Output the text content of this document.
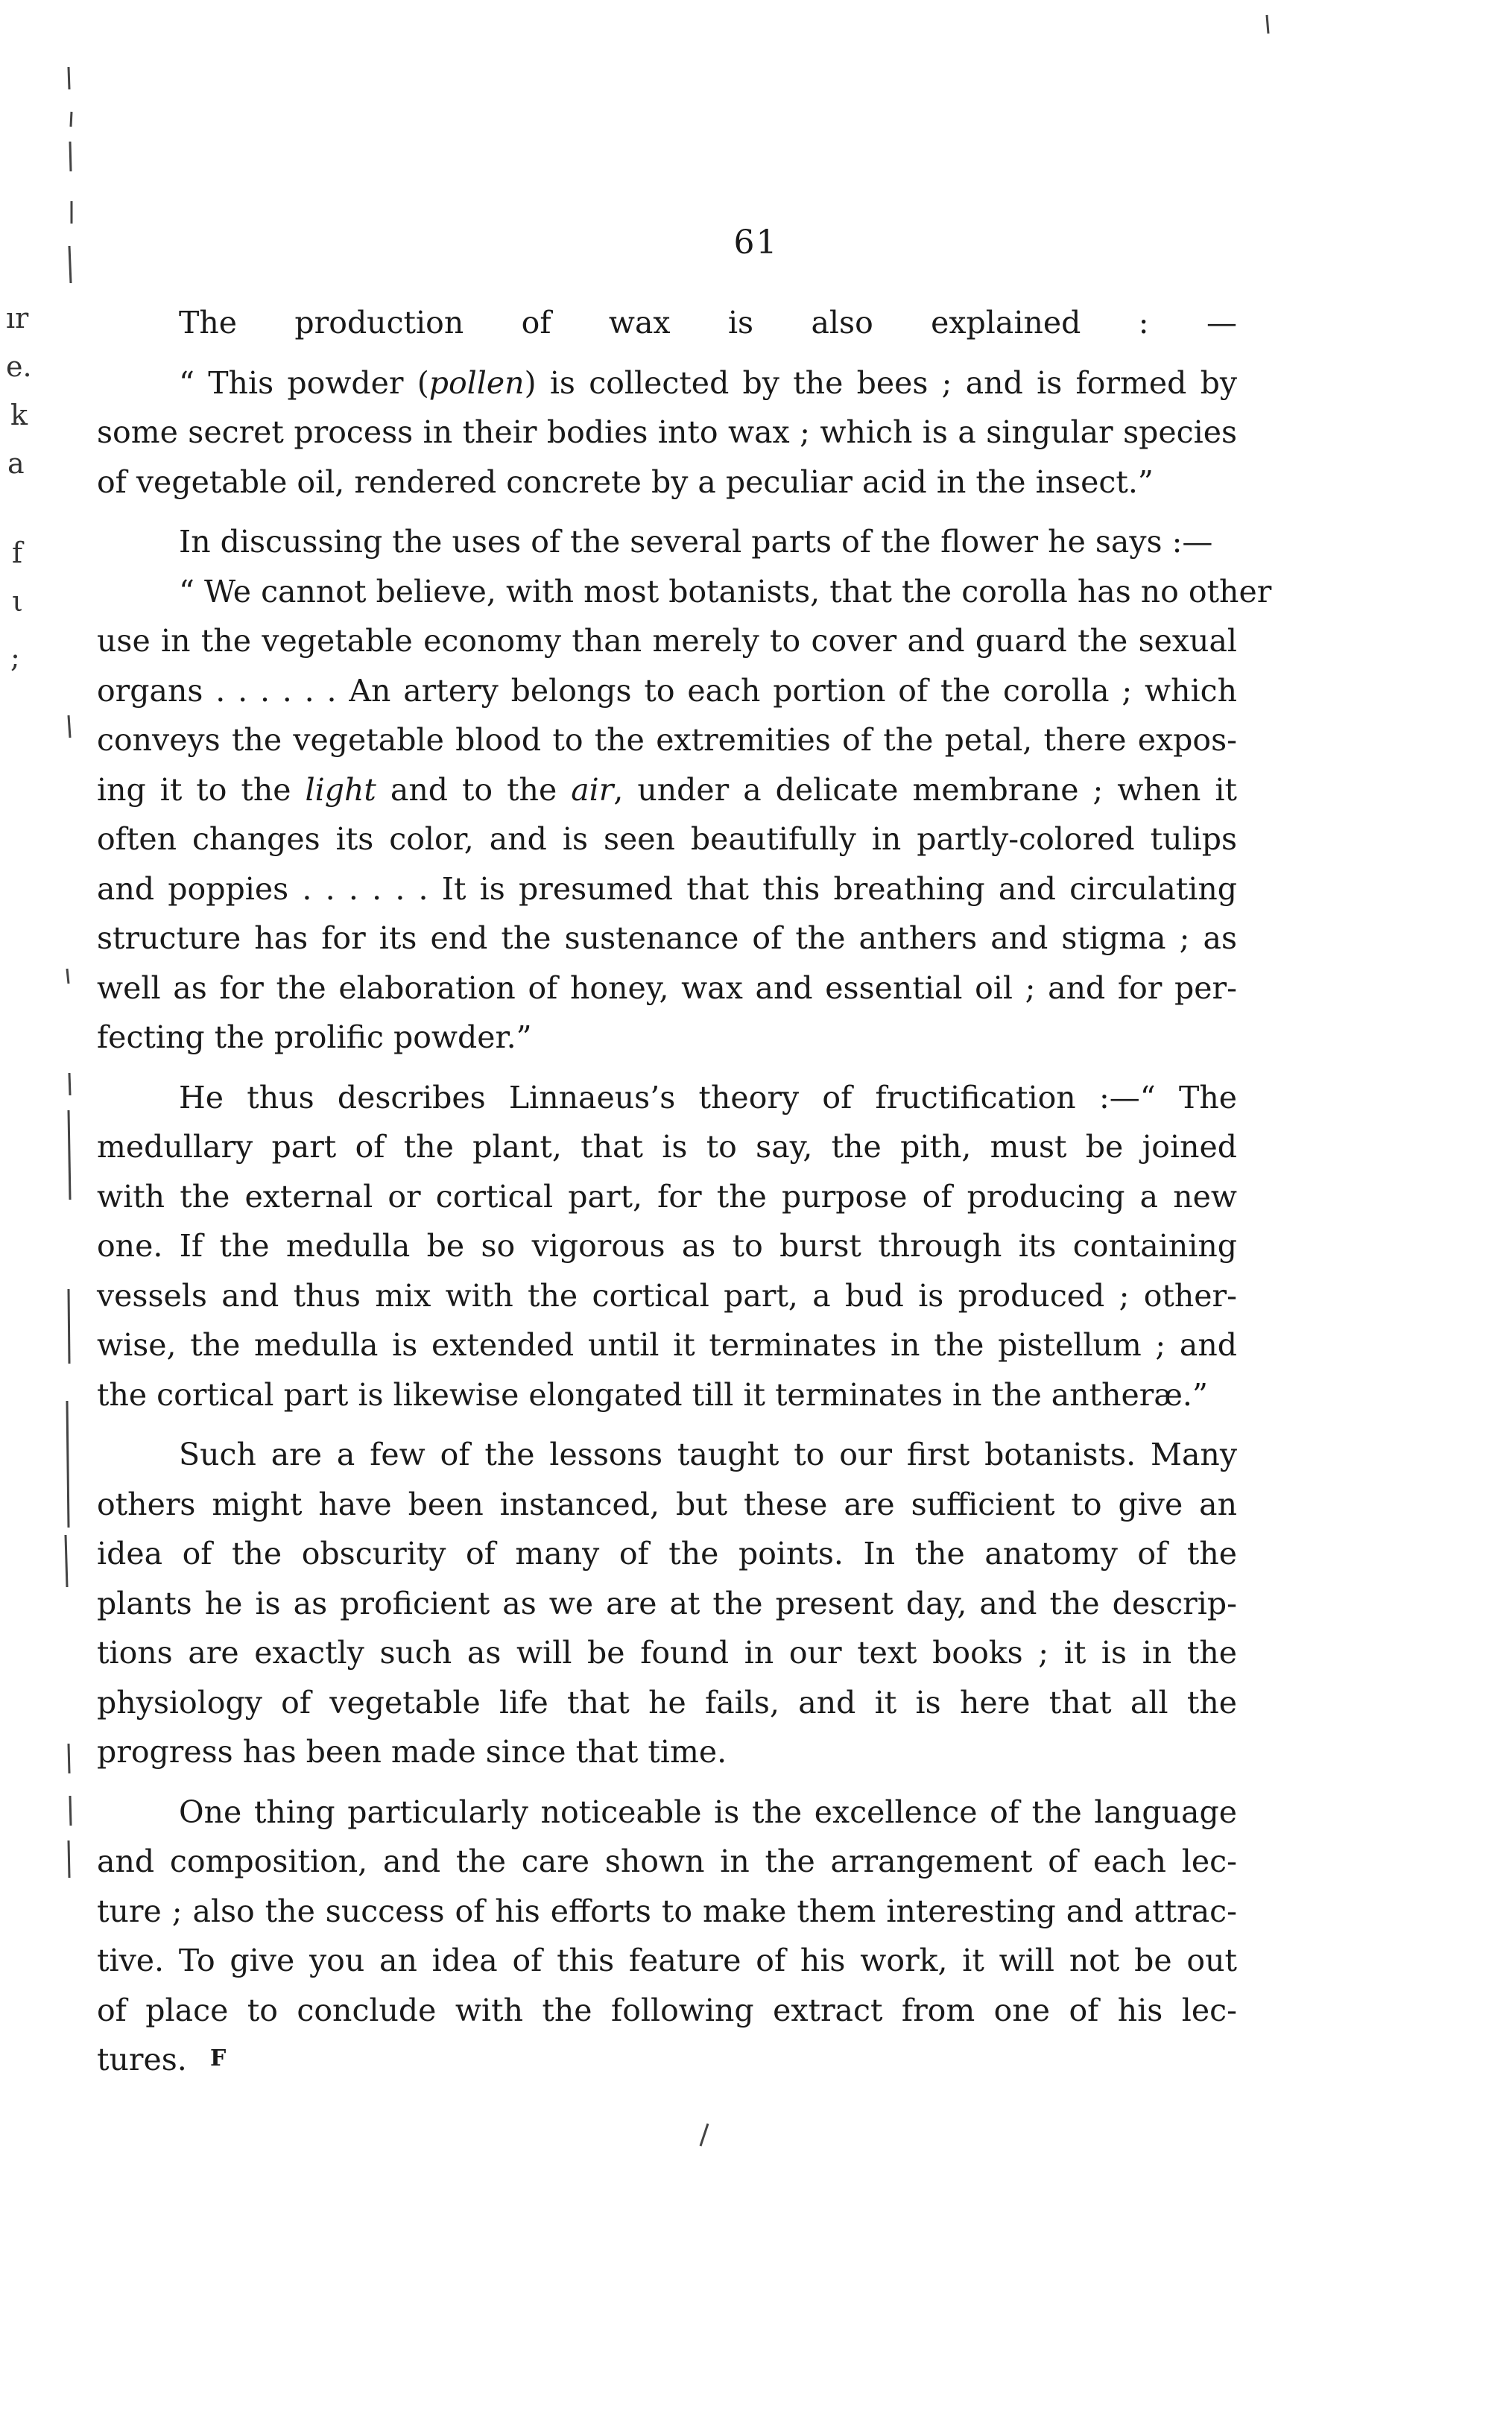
ır
e.
k
a
f
ι
;
61
The production of wax is also explained : —
“ This powder (pollen) is collected by the bees ; and is formed by
some secret process in their bodies into wax ; which is a singular species
of vegetable oil, rendered concrete by a peculiar acid in the insect.”
In discussing the uses of the several parts of the flower he says :—
“ We cannot believe, with most botanists, that the corolla has no other
use in the vegetable economy than merely to cover and guard the sexual
organs . . . . . . An artery belongs to each portion of the corolla ; which
conveys the vegetable blood to the extremities of the petal, there expos-
ing it to the light and to the air, under a delicate membrane ; when it
often changes its color, and is seen beautifully in partly-colored tulips
and poppies . . . . . . It is presumed that this breathing and circulating
structure has for its end the sustenance of the anthers and stigma ; as
well as for the elaboration of honey, wax and essential oil ; and for per-
fecting the prolific powder.”
He thus describes Linnaeus’s theory of fructification :—“ The
medullary part of the plant, that is to say, the pith, must be joined
with the external or cortical part, for the purpose of producing a new
one. If the medulla be so vigorous as to burst through its containing
vessels and thus mix with the cortical part, a bud is produced ; other-
wise, the medulla is extended until it terminates in the pistellum ; and
the cortical part is likewise elongated till it terminates in the antheræ.”
Such are a few of the lessons taught to our first botanists. Many
others might have been instanced, but these are sufficient to give an
idea of the obscurity of many of the points. In the anatomy of the
plants he is as proficient as we are at the present day, and the descrip-
tions are exactly such as will be found in our text books ; it is in the
physiology of vegetable life that he fails, and it is here that all the
progress has been made since that time.
One thing particularly noticeable is the excellence of the language
and composition, and the care shown in the arrangement of each lec-
ture ; also the success of his efforts to make them interesting and attrac-
tive. To give you an idea of this feature of his work, it will not be out
of place to conclude with the following extract from one of his lec-
tures.	F
